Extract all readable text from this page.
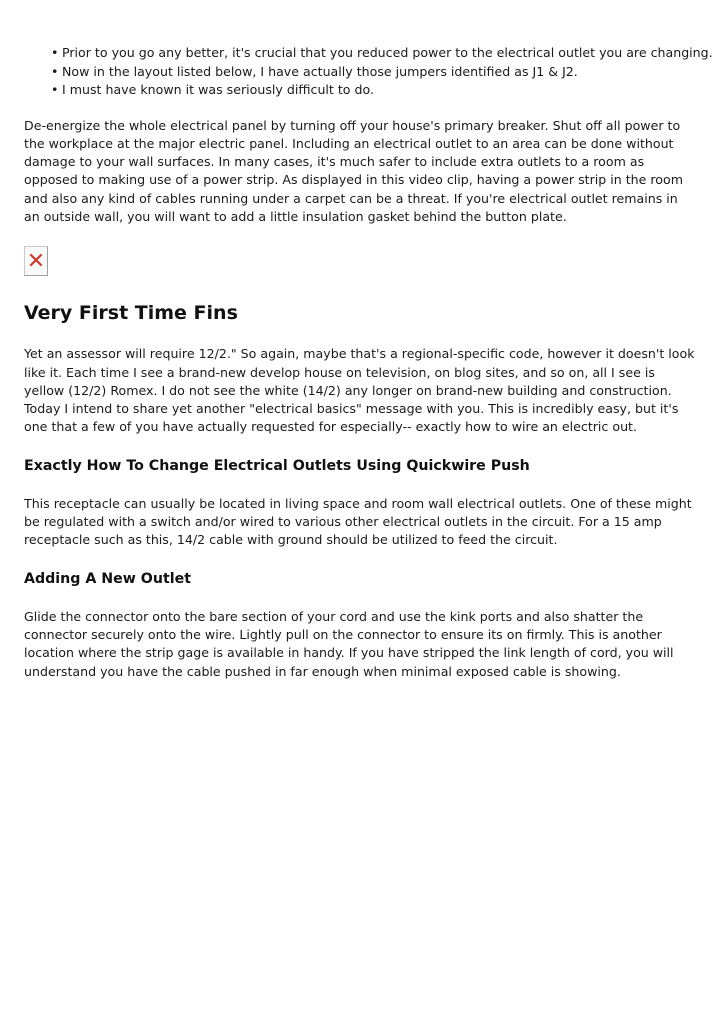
• Prior to you go any better, it's crucial that you reduced power to the electrical outlet you are changing.
• Now in the layout listed below, I have actually those jumpers identified as J1 & J2.
• I must have known it was seriously difficult to do.

De-energize the whole electrical panel by turning off your house's primary breaker. Shut off all power to the workplace at the major electric panel. Including an electrical outlet to an area can be done without damage to your wall surfaces. In many cases, it's much safer to include extra outlets to a room as opposed to making use of a power strip. As displayed in this video clip, having a power strip in the room and also any kind of cables running under a carpet can be a threat. If you're electrical outlet remains in an outside wall, you will want to add a little insulation gasket behind the button plate.

Very First Time Fins

Yet an assessor will require 12/2." So again, maybe that's a regional-specific code, however it doesn't look like it. Each time I see a brand-new develop house on television, on blog sites, and so on, all I see is yellow (12/2) Romex. I do not see the white (14/2) any longer on brand-new building and construction. Today I intend to share yet another "electrical basics" message with you. This is incredibly easy, but it's one that a few of you have actually requested for especially-- exactly how to wire an electric out.

Exactly How To Change Electrical Outlets Using Quickwire Push

This receptacle can usually be located in living space and room wall electrical outlets. One of these might be regulated with a switch and/or wired to various other electrical outlets in the circuit. For a 15 amp receptacle such as this, 14/2 cable with ground should be utilized to feed the circuit.

Adding A New Outlet

Glide the connector onto the bare section of your cord and use the kink ports and also shatter the connector securely onto the wire. Lightly pull on the connector to ensure its on firmly. This is another location where the strip gage is available in handy. If you have stripped the link length of cord, you will understand you have the cable pushed in far enough when minimal exposed cable is showing.
